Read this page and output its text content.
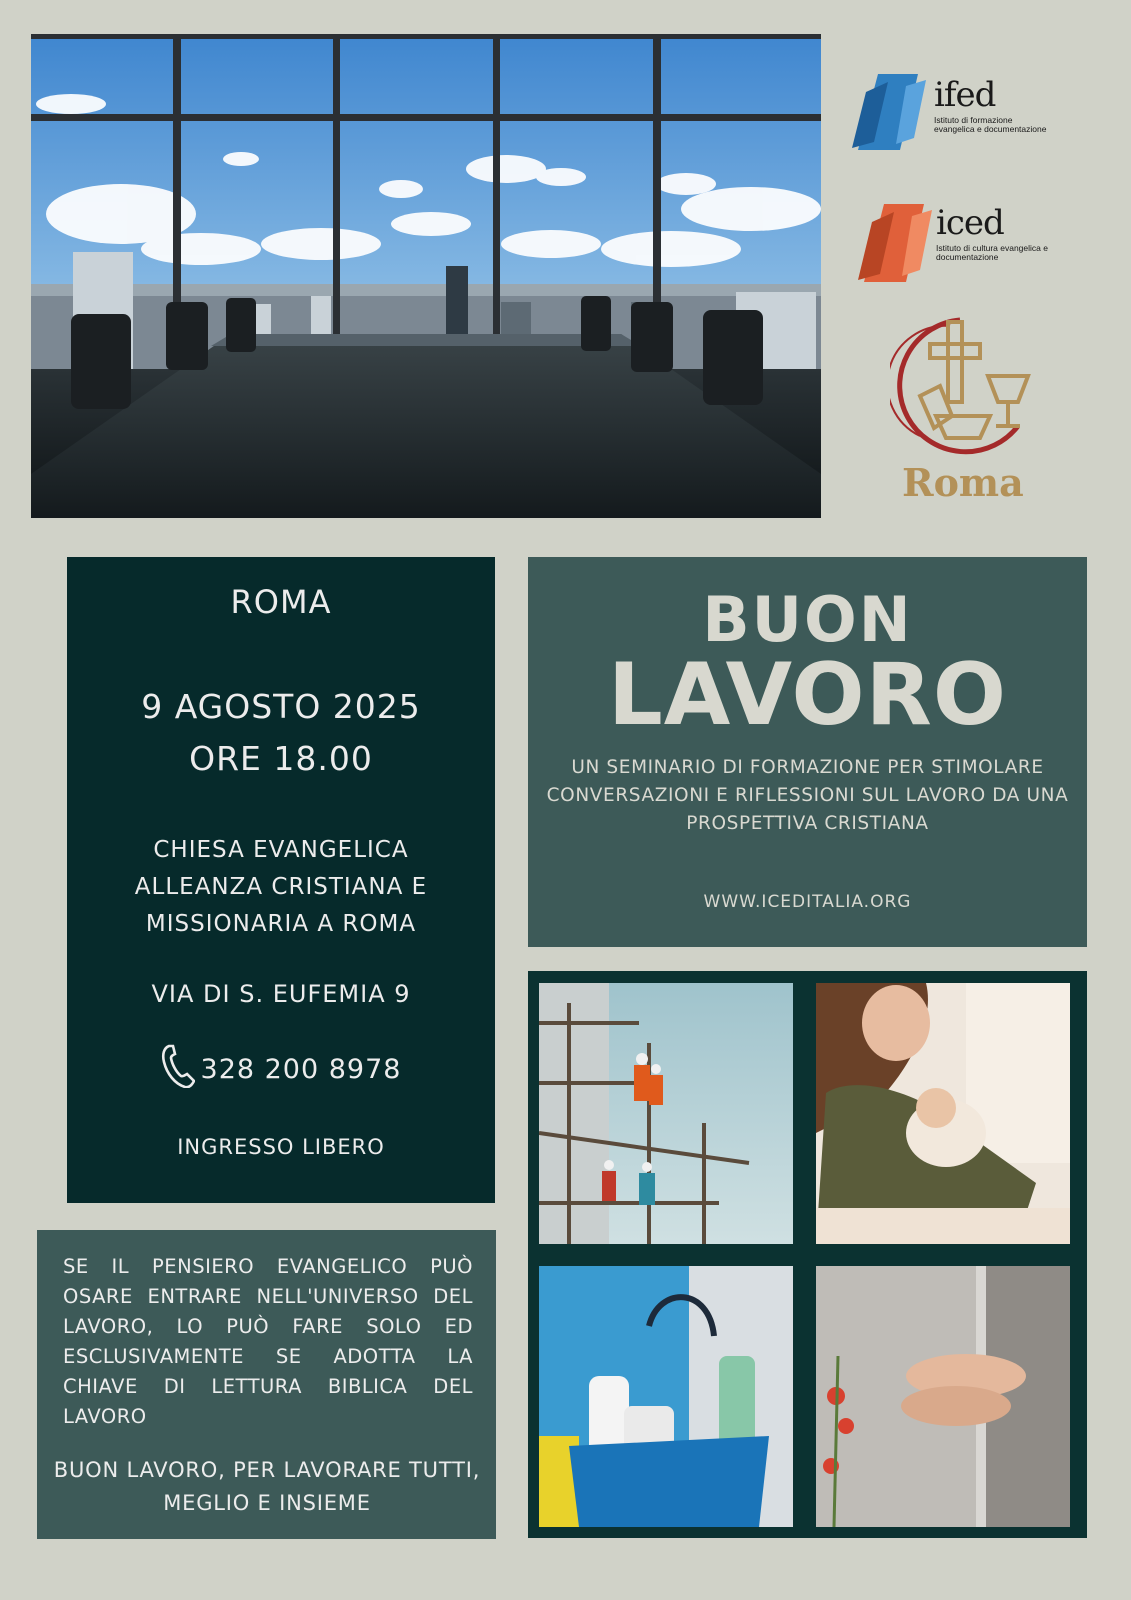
ifed
Istituto di formazione evangelica e documentazione
iced
Istituto di cultura evangelica e documentazione
Roma
ROMA
9 AGOSTO 2025
ORE 18.00
CHIESA EVANGELICA ALLEANZA CRISTIANA E MISSIONARIA A ROMA
VIA DI S. EUFEMIA 9
328 200 8978
INGRESSO LIBERO
BUON
LAVORO
UN SEMINARIO DI FORMAZIONE PER STIMOLARE CONVERSAZIONI E RIFLESSIONI SUL LAVORO DA UNA PROSPETTIVA CRISTIANA
WWW.ICEDITALIA.ORG
SE IL PENSIERO EVANGELICO PUÒ OSARE ENTRARE NELL'UNIVERSO DEL LAVORO, LO PUÒ FARE SOLO ED ESCLUSIVAMENTE SE ADOTTA LA CHIAVE DI LETTURA BIBLICA DEL LAVORO
BUON LAVORO, PER LAVORARE TUTTI, MEGLIO E INSIEME
